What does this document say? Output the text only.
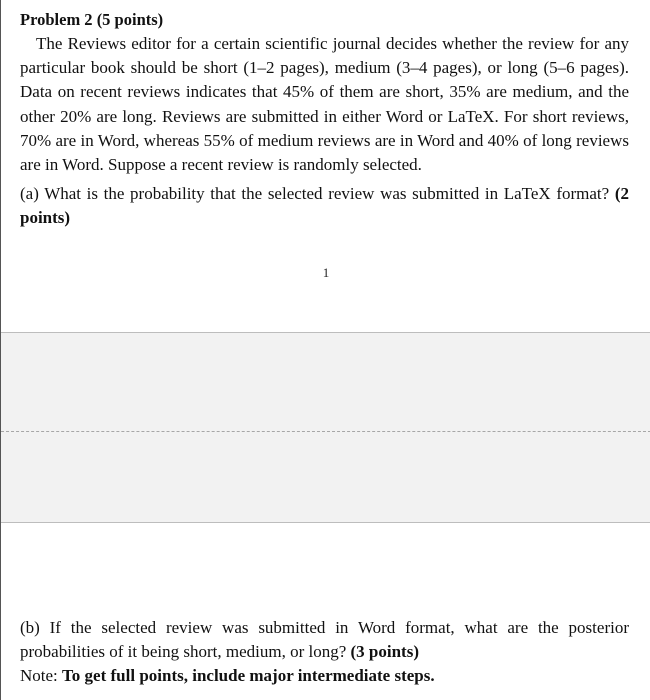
Problem 2 (5 points)

The Reviews editor for a certain scientific journal decides whether the review for any particular book should be short (1–2 pages), medium (3–4 pages), or long (5–6 pages). Data on recent reviews indicates that 45% of them are short, 35% are medium, and the other 20% are long. Reviews are submitted in either Word or LaTeX. For short reviews, 70% are in Word, whereas 55% of medium reviews are in Word and 40% of long reviews are in Word. Suppose a recent review is randomly selected.

(a) What is the probability that the selected review was submitted in LaTeX format? (2 points)

1

(b) If the selected review was submitted in Word format, what are the posterior probabilities of it being short, medium, or long? (3 points)

Note: To get full points, include major intermediate steps.
